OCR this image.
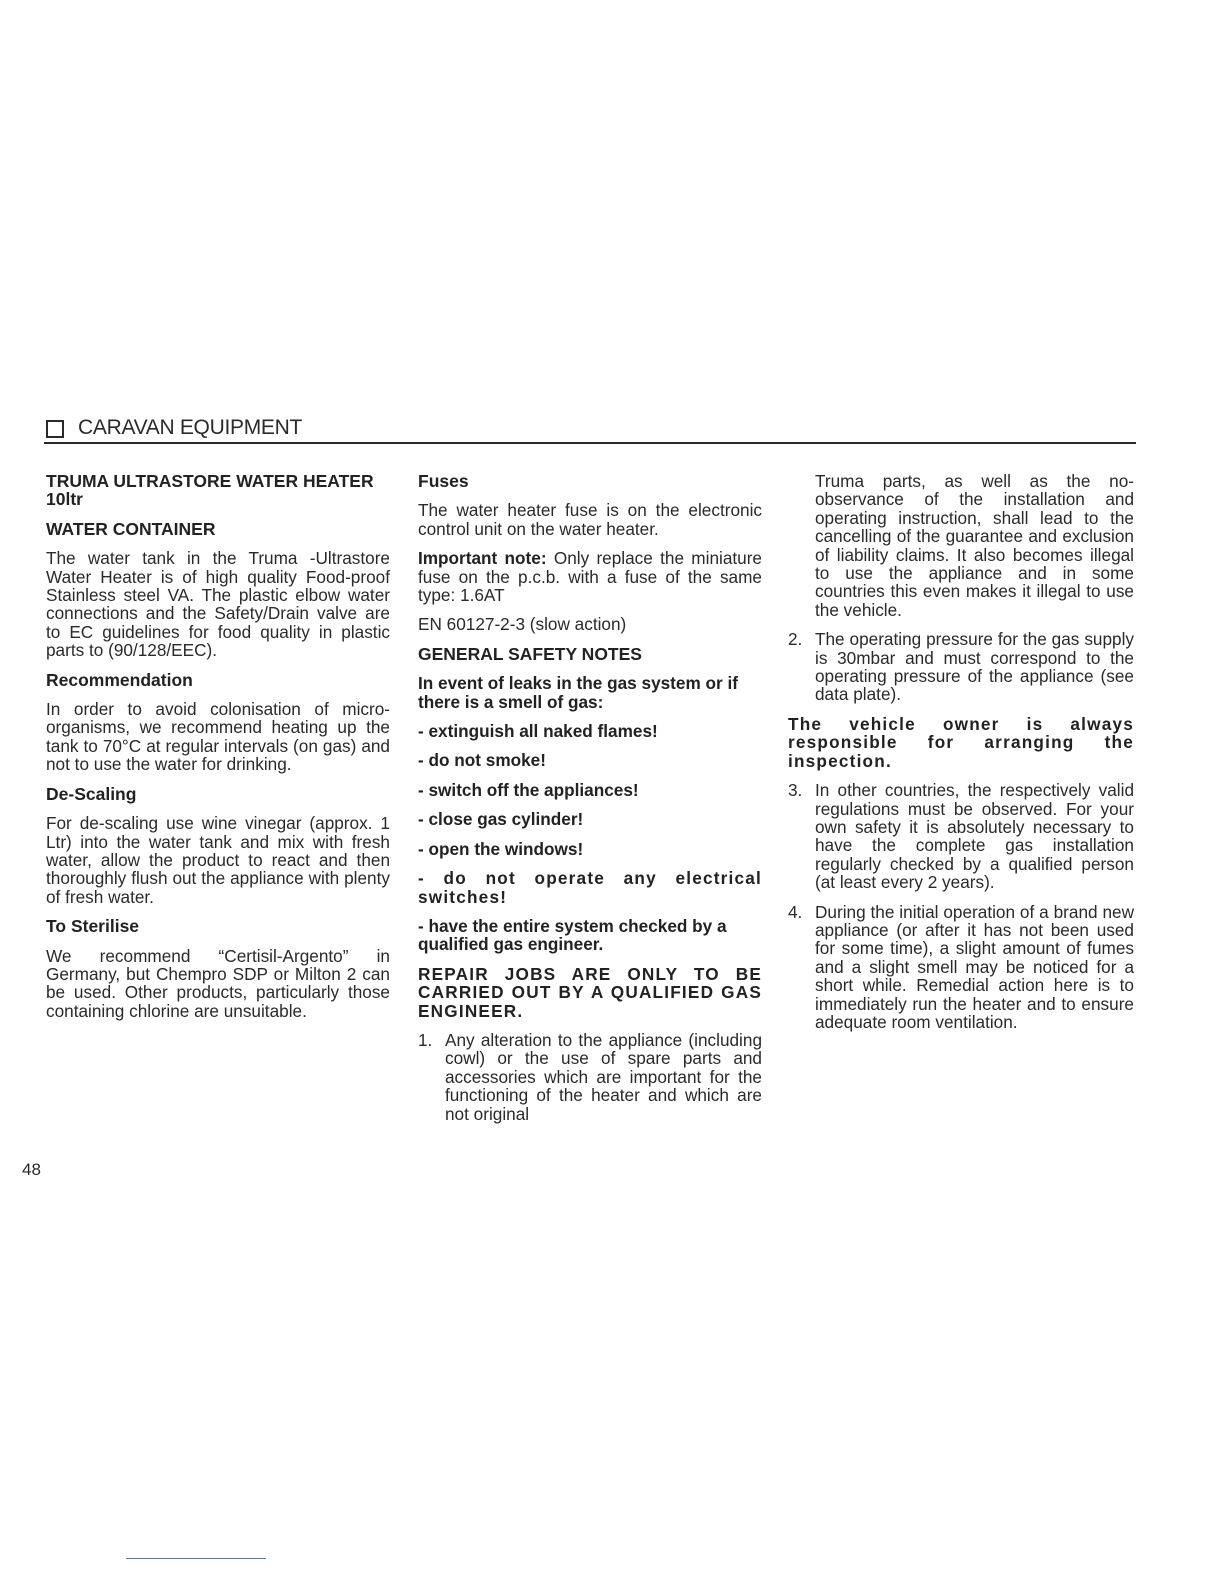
CARAVAN EQUIPMENT
TRUMA ULTRASTORE WATER HEATER 10ltr
WATER CONTAINER

The water tank in the Truma -Ultrastore Water Heater is of high quality Food-proof Stainless steel VA. The plastic elbow water connections and the Safety/Drain valve are to EC guidelines for food quality in plastic parts to (90/128/EEC).

Recommendation

In order to avoid colonisation of micro-organisms, we recommend heating up the tank to 70°C at regular intervals (on gas) and not to use the water for drinking.

De-Scaling

For de-scaling use wine vinegar (approx. 1 Ltr) into the water tank and mix with fresh water, allow the product to react and then thoroughly flush out the appliance with plenty of fresh water.

To Sterilise

We recommend “Certisil-Argento” in Germany, but Chempro SDP or Milton 2 can be used. Other products, particularly those containing chlorine are unsuitable.

Fuses

The water heater fuse is on the electronic control unit on the water heater.

Important note: Only replace the miniature fuse on the p.c.b. with a fuse of the same type: 1.6AT

EN 60127-2-3 (slow action)

GENERAL SAFETY NOTES

In event of leaks in the gas system or if there is a smell of gas:

- extinguish all naked flames!

- do not smoke!

- switch off the appliances!

- close gas cylinder!

- open the windows!

- do not operate any electrical switches!

- have the entire system checked by a qualified gas engineer.

REPAIR JOBS ARE ONLY TO BE CARRIED OUT BY A QUALIFIED GAS ENGINEER.

1. Any alteration to the appliance (including cowl) or the use of spare parts and accessories which are important for the functioning of the heater and which are not original

Truma parts, as well as the no-observance of the installation and operating instruction, shall lead to the cancelling of the guarantee and exclusion of liability claims. It also becomes illegal to use the appliance and in some countries this even makes it illegal to use the vehicle.

2. The operating pressure for the gas supply is 30mbar and must correspond to the operating pressure of the appliance (see data plate).

The vehicle owner is always responsible for arranging the inspection.

3. In other countries, the respectively valid regulations must be observed. For your own safety it is absolutely necessary to have the complete gas installation regularly checked by a qualified person (at least every 2 years).
4. During the initial operation of a brand new appliance (or after it has not been used for some time), a slight amount of fumes and a slight smell may be noticed for a short while. Remedial action here is to immediately run the heater and to ensure adequate room ventilation.
48
